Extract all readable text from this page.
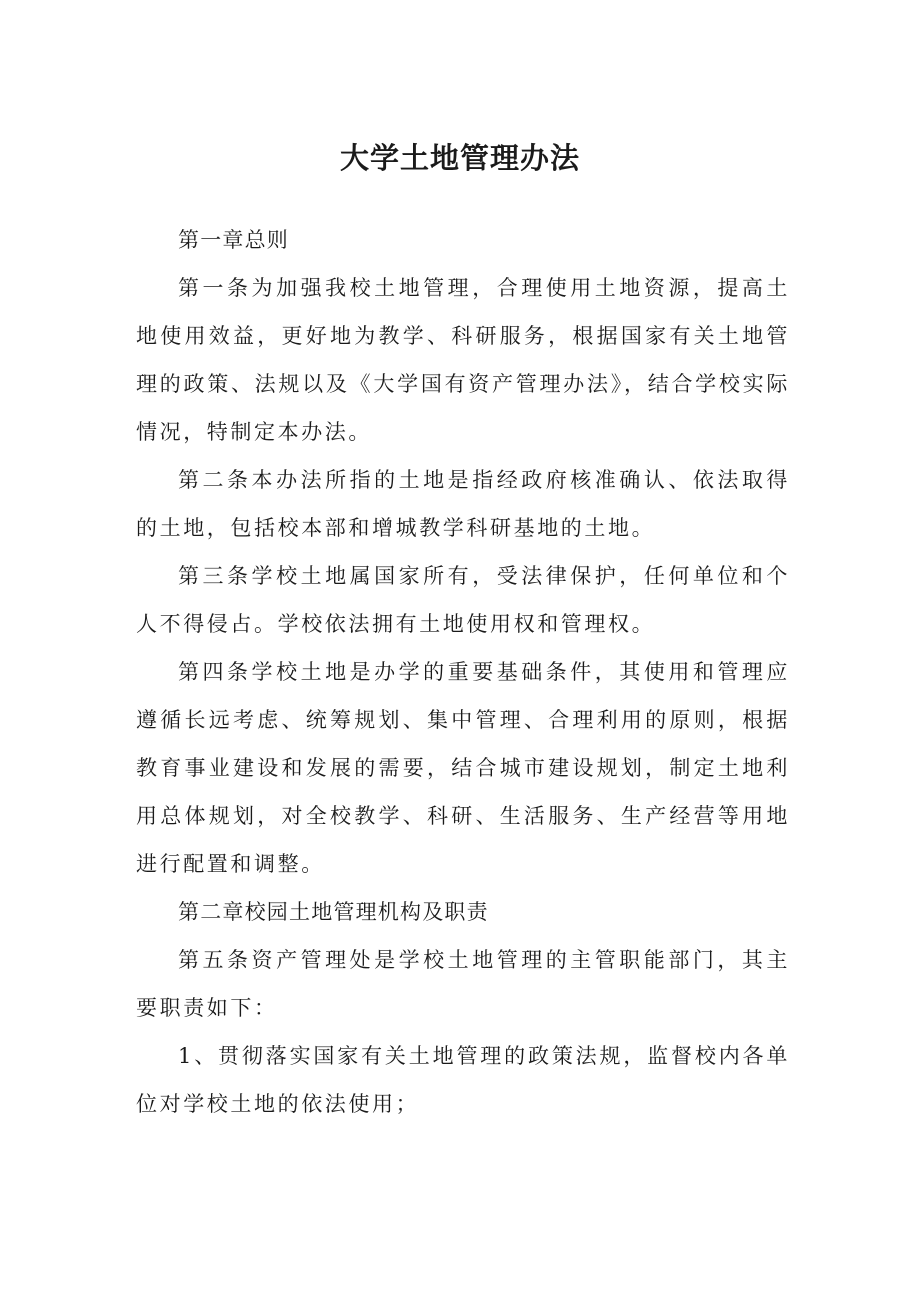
大学土地管理办法

第一章总则

第一条为加强我校土地管理，合理使用土地资源，提高土地使用效益，更好地为教学、科研服务，根据国家有关土地管理的政策、法规以及《大学国有资产管理办法》，结合学校实际情况，特制定本办法。

第二条本办法所指的土地是指经政府核准确认、依法取得的土地，包括校本部和增城教学科研基地的土地。

第三条学校土地属国家所有，受法律保护，任何单位和个人不得侵占。学校依法拥有土地使用权和管理权。

第四条学校土地是办学的重要基础条件，其使用和管理应遵循长远考虑、统筹规划、集中管理、合理利用的原则，根据教育事业建设和发展的需要，结合城市建设规划，制定土地利用总体规划，对全校教学、科研、生活服务、生产经营等用地进行配置和调整。

第二章校园土地管理机构及职责

第五条资产管理处是学校土地管理的主管职能部门，其主要职责如下：

1、贯彻落实国家有关土地管理的政策法规，监督校内各单位对学校土地的依法使用；
